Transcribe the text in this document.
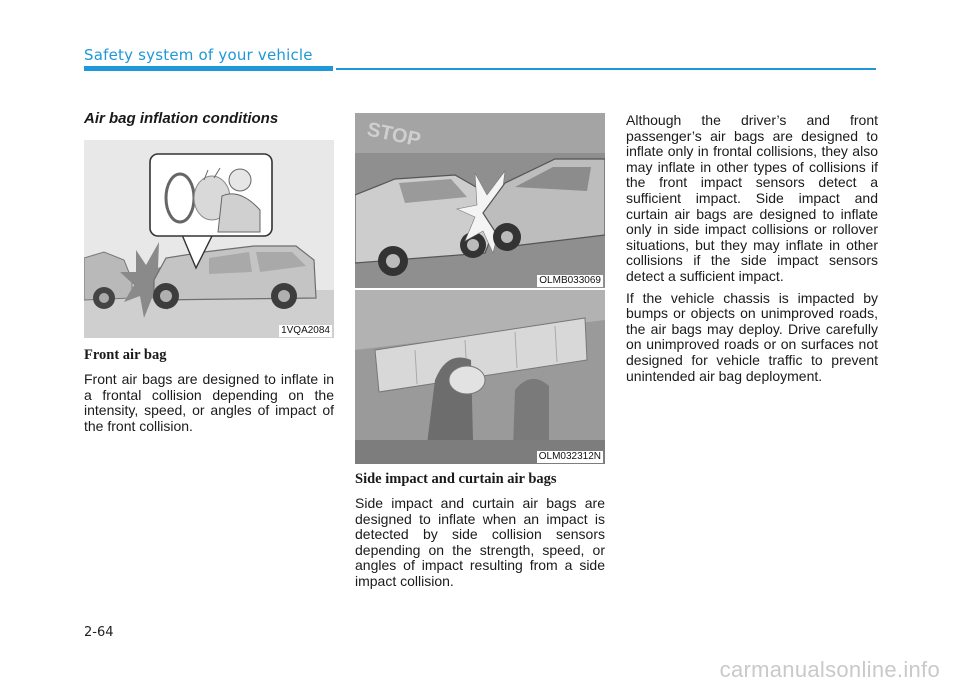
Safety system of your vehicle
Air bag inflation conditions
1VQA2084
Front air bag

Front air bags are designed to inflate in a frontal collision depending on the intensity, speed, or angles of impact of the front collision.

STOP
OLMB033069
OLM032312N
Side impact and curtain air bags

Side impact and curtain air bags are designed to inflate when an impact is detected by side collision sensors depending on the strength, speed, or angles of impact resulting from a side impact collision.

Although the driver’s and front passenger’s air bags are designed to inflate only in frontal collisions, they also may inflate in other types of collisions if the front impact sensors detect a sufficient impact. Side impact and curtain air bags are designed to inflate only in side impact collisions or rollover situations, but they may inflate in other collisions if the side impact sensors detect a sufficient impact.

If the vehicle chassis is impacted by bumps or objects on unimproved roads, the air bags may deploy. Drive carefully on unimproved roads or on surfaces not designed for vehicle traffic to prevent unintended air bag deployment.

2-64
carmanualsonline.info
